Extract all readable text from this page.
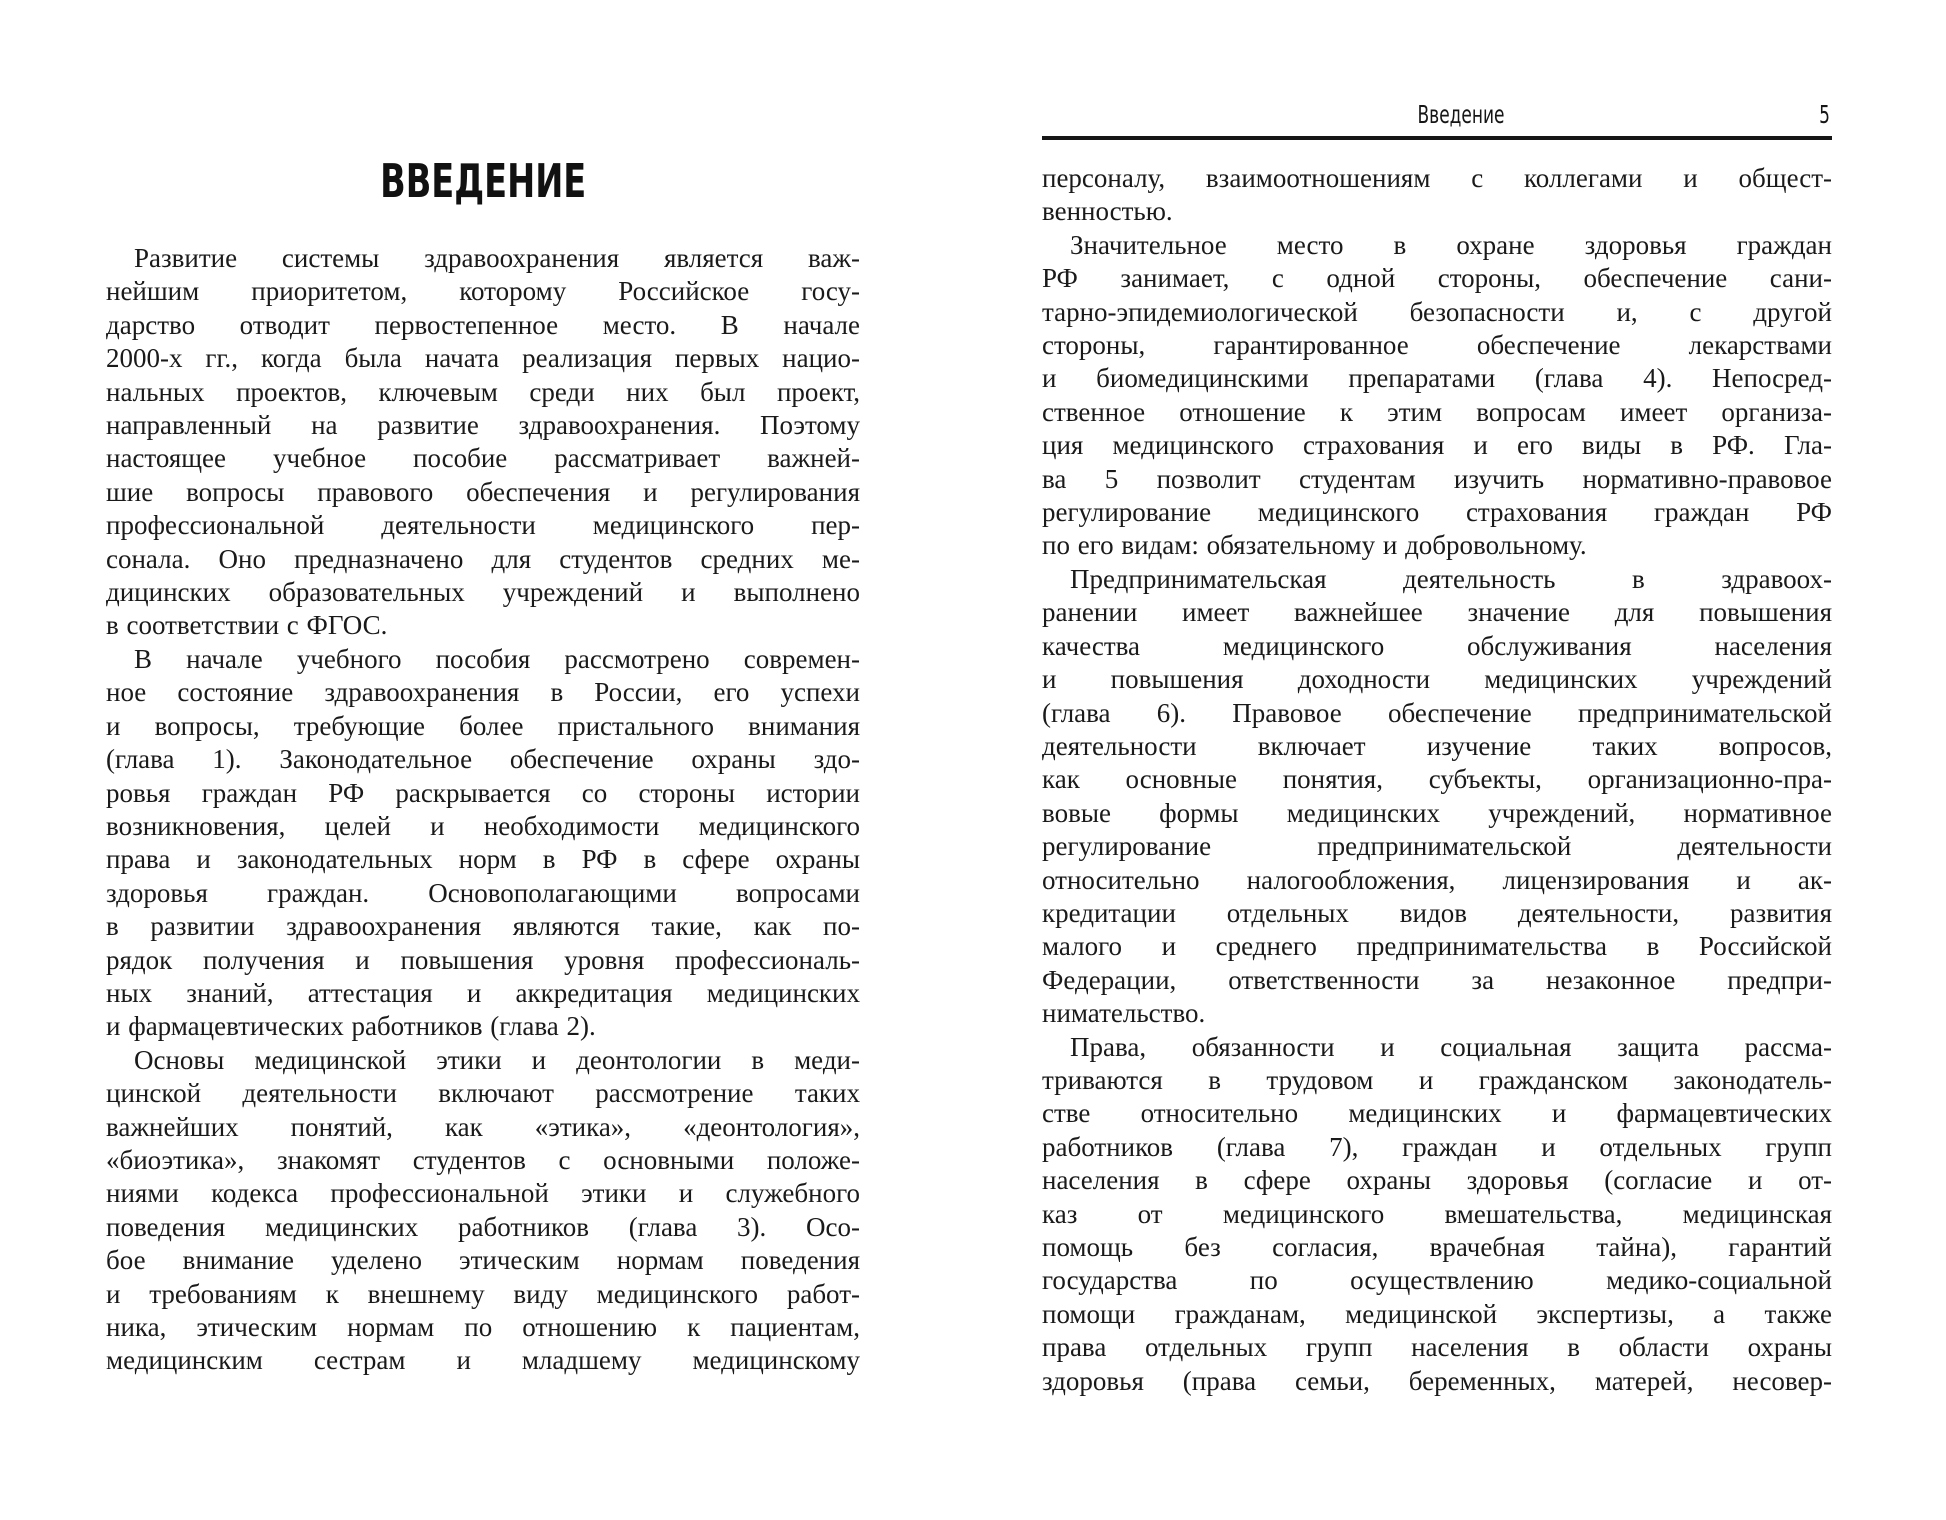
ВВЕДЕНИЕ
Развитие системы здравоохранения является важ-
нейшим приоритетом, которому Российское госу-
дарство отводит первостепенное место. В начале
2000-х гг., когда была начата реализация первых нацио-
нальных проектов, ключевым среди них был проект,
направленный на развитие здравоохранения. Поэтому
настоящее учебное пособие рассматривает важней-
шие вопросы правового обеспечения и регулирования
профессиональной деятельности медицинского пер-
сонала. Оно предназначено для студентов средних ме-
дицинских образовательных учреждений и выполнено
в соответствии с ФГОС.
В начале учебного пособия рассмотрено современ-
ное состояние здравоохранения в России, его успехи
и вопросы, требующие более пристального внимания
(глава 1). Законодательное обеспечение охраны здо-
ровья граждан РФ раскрывается со стороны истории
возникновения, целей и необходимости медицинского
права и законодательных норм в РФ в сфере охраны
здоровья граждан. Основополагающими вопросами
в развитии здравоохранения являются такие, как по-
рядок получения и повышения уровня профессиональ-
ных знаний, аттестация и аккредитация медицинских
и фармацевтических работников (глава 2).
Основы медицинской этики и деонтологии в меди-
цинской деятельности включают рассмотрение таких
важнейших понятий, как «этика», «деонтология»,
«биоэтика», знакомят студентов с основными положе-
ниями кодекса профессиональной этики и служебного
поведения медицинских работников (глава 3). Осо-
бое внимание уделено этическим нормам поведения
и требованиям к внешнему виду медицинского работ-
ника, этическим нормам по отношению к пациентам,
медицинским сестрам и младшему медицинскому
Введение	5
персоналу, взаимоотношениям с коллегами и общест-
венностью.
Значительное место в охране здоровья граждан
РФ занимает, с одной стороны, обеспечение сани-
тарно-эпидемиологической безопасности и, с другой
стороны, гарантированное обеспечение лекарствами
и биомедицинскими препаратами (глава 4). Непосред-
ственное отношение к этим вопросам имеет организа-
ция медицинского страхования и его виды в РФ. Гла-
ва 5 позволит студентам изучить нормативно-правовое
регулирование медицинского страхования граждан РФ
по его видам: обязательному и добровольному.
Предпринимательская деятельность в здравоох-
ранении имеет важнейшее значение для повышения
качества медицинского обслуживания населения
и повышения доходности медицинских учреждений
(глава 6). Правовое обеспечение предпринимательской
деятельности включает изучение таких вопросов,
как основные понятия, субъекты, организационно-пра-
вовые формы медицинских учреждений, нормативное
регулирование предпринимательской деятельности
относительно налогообложения, лицензирования и ак-
кредитации отдельных видов деятельности, развития
малого и среднего предпринимательства в Российской
Федерации, ответственности за незаконное предпри-
нимательство.
Права, обязанности и социальная защита рассма-
триваются в трудовом и гражданском законодатель-
стве относительно медицинских и фармацевтических
работников (глава 7), граждан и отдельных групп
населения в сфере охраны здоровья (согласие и от-
каз от медицинского вмешательства, медицинская
помощь без согласия, врачебная тайна), гарантий
государства по осуществлению медико-социальной
помощи гражданам, медицинской экспертизы, а также
права отдельных групп населения в области охраны
здоровья (права семьи, беременных, матерей, несовер-
